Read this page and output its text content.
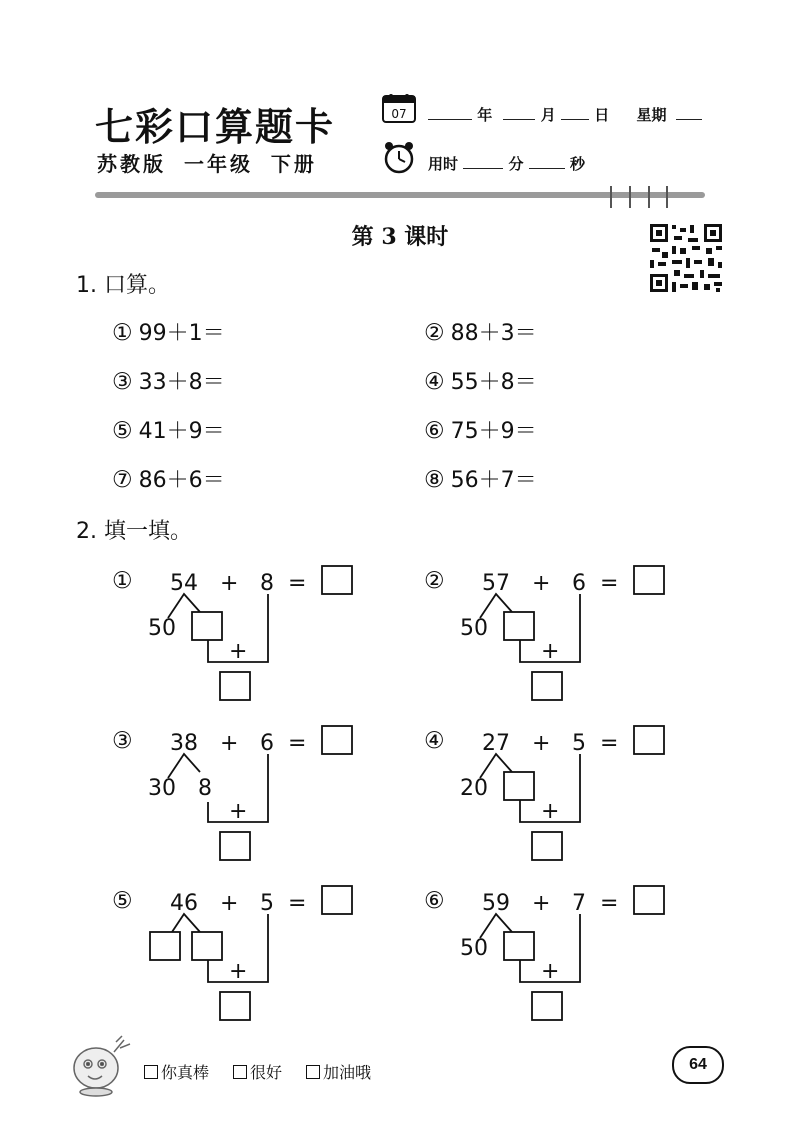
七彩口算题卡
苏教版 一年级 下册
07	年	月	日 星期
用时	分	秒
第 3 课时
1. 口算。
① 99＋1＝	② 88＋3＝
③ 33＋8＝	④ 55＋8＝
⑤ 41＋9＝	⑥ 75＋9＝
⑦ 86＋6＝	⑧ 56＋7＝
2. 填一填。
① 54 + 8 =
50
+
② 57 + 6 =
50
+
③ 38 + 6 =
30 8
+
④ 27 + 5 =
20
+
⑤ 46 + 5 =
+
⑥ 59 + 7 =
50
+
你真棒	很好	加油哦	64
